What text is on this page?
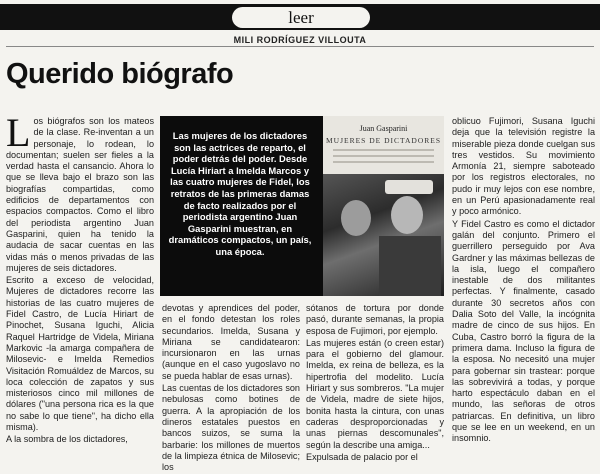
leer
MILI RODRÍGUEZ VILLOUTA
Querido biógrafo

Los biógrafos son los mateos de la clase. Re-inventan a un personaje, lo rodean, lo documentan; suelen ser fieles a la verdad hasta el cansancio. Ahora lo que se lleva bajo el brazo son las biografías compartidas, como edificios de departamentos con espacios compactos. Como el libro del periodista argentino Juan Gasparini, quien ha tenido la audacia de sacar cuentas en las vidas más o menos privadas de las mujeres de seis dictadores.

Escrito a exceso de velocidad, Mujeres de dictadores recorre las historias de las cuatro mujeres de Fidel Castro, de Lucía Hiriart de Pinochet, Susana Iguchi, Alicia Raquel Hartridge de Videla, Miriana Markovic -la amarga compañera de Milosevic- e Imelda Remedios Visitación Romuáldez de Marcos, su loca colección de zapatos y sus misteriosos cinco mil millones de dólares ("una persona rica es la que no sabe lo que tiene", ha dicho ella misma).

A la sombra de los dictadores,

Las mujeres de los dictadores son las actrices de reparto, el poder detrás del poder. Desde Lucía Hiriart a Imelda Marcos y las cuatro mujeres de Fidel, los retratos de las primeras damas de facto realizados por el periodista argentino Juan Gasparini muestran, en dramáticos compactos, un país, una época.
Juan Gasparini
MUJERES DE DICTADORES

devotas y aprendices del poder, en el fondo detestan los roles secundarios. Imelda, Susana y Miriana se candidatearon: incursionaron en las urnas (aunque en el caso yugoslavo no se pueda hablar de esas urnas).

Las cuentas de los dictadores son nebulosas como botines de guerra. A la apropiación de los dineros estatales puestos en bancos suizos, se suma la barbarie: los millones de muertos de la limpieza étnica de Milosevic; los

sótanos de tortura por donde pasó, durante semanas, la propia esposa de Fujimori, por ejemplo.

Las mujeres están (o creen estar) para el gobierno del glamour. Imelda, ex reina de belleza, es la hipertrofia del modelito. Lucía Hiriart y sus sombreros. "La mujer de Videla, madre de siete hijos, bonita hasta la cintura, con unas caderas desproporcionadas y unas piernas descomunales", según la describe una amiga...

Expulsada de palacio por el

oblicuo Fujimori, Susana Iguchi deja que la televisión registre la miserable pieza donde cuelgan sus tres vestidos. Su movimiento Armonía 21, siempre saboteado por los registros electorales, no pudo ir muy lejos con ese nombre, en un Perú apasionadamente real y poco armónico.

Y Fidel Castro es como el dictador galán del conjunto. Primero el guerrillero perseguido por Ava Gardner y las máximas bellezas de la isla, luego el compañero inestable de dos militantes perfectas. Y finalmente, casado durante 30 secretos años con Dalia Soto del Valle, la incógnita madre de cinco de sus hijos. En Cuba, Castro borró la figura de la primera dama. Incluso la figura de la esposa. No necesitó una mujer para gobernar sin trastear: porque las sobrevivirá a todas, y porque harto espectáculo daban en el mundo, las señoras de otros patriarcas. En definitiva, un libro que se lee en un weekend, en un insomnio.
